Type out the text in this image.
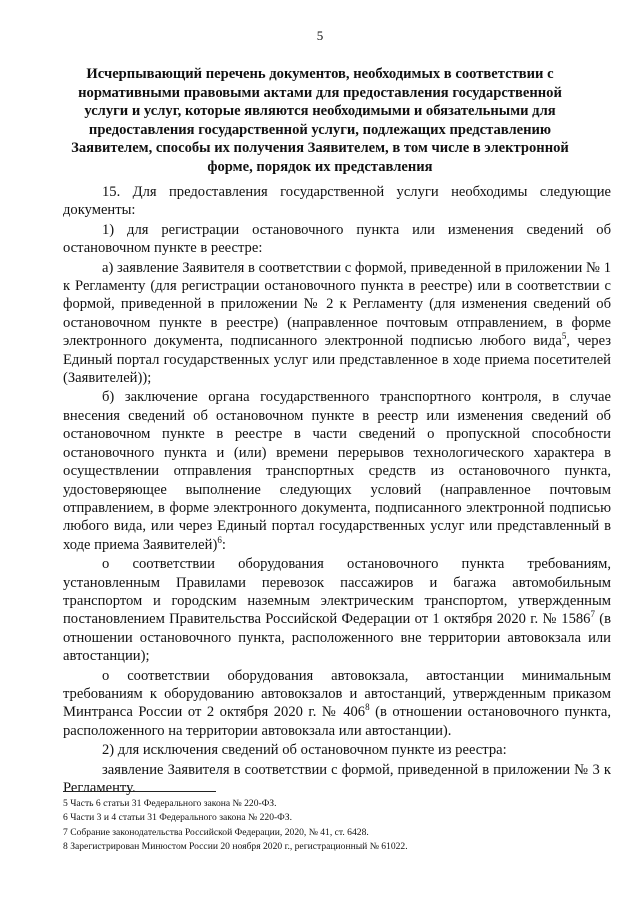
5
Исчерпывающий перечень документов, необходимых в соответствии с нормативными правовыми актами для предоставления государственной услуги и услуг, которые являются необходимыми и обязательными для предоставления государственной услуги, подлежащих представлению Заявителем, способы их получения Заявителем, в том числе в электронной форме, порядок их представления

15. Для предоставления государственной услуги необходимы следующие документы:

1) для регистрации остановочного пункта или изменения сведений об остановочном пункте в реестре:

а) заявление Заявителя в соответствии с формой, приведенной в приложении № 1 к Регламенту (для регистрации остановочного пункта в реестре) или в соответствии с формой, приведенной в приложении № 2 к Регламенту (для изменения сведений об остановочном пункте в реестре) (направленное почтовым отправлением, в форме электронного документа, подписанного электронной подписью любого вида$^5$, через Единый портал государственных услуг или представленное в ходе приема посетителей (Заявителей));

б) заключение органа государственного транспортного контроля, в случае внесения сведений об остановочном пункте в реестр или изменения сведений об остановочном пункте в реестре в части сведений о пропускной способности остановочного пункта и (или) времени перерывов технологического характера в осуществлении отправления транспортных средств из остановочного пункта, удостоверяющее выполнение следующих условий (направленное почтовым отправлением, в форме электронного документа, подписанного электронной подписью любого вида, или через Единый портал государственных услуг или представленный в ходе приема Заявителей)$^6$:

о соответствии оборудования остановочного пункта требованиям, установленным Правилами перевозок пассажиров и багажа автомобильным транспортом и городским наземным электрическим транспортом, утвержденным постановлением Правительства Российской Федерации от 1 октября 2020 г. № 1586$^7$ (в отношении остановочного пункта, расположенного вне территории автовокзала или автостанции);

о соответствии оборудования автовокзала, автостанции минимальным требованиям к оборудованию автовокзалов и автостанций, утвержденным приказом Минтранса России от 2 октября 2020 г. № $406^8$ (в отношении остановочного пункта, расположенного на территории автовокзала или автостанции).

2) для исключения сведений об остановочном пункте из реестра:

заявление Заявителя в соответствии с формой, приведенной в приложении № 3 к Регламенту.

5 Часть 6 статьи 31 Федерального закона № 220-ФЗ.
6 Части 3 и 4 статьи 31 Федерального закона № 220-ФЗ.
7 Собрание законодательства Российской Федерации, 2020, № 41, ст. 6428.
8 Зарегистрирован Минюстом России 20 ноября 2020 г., регистрационный № 61022.
